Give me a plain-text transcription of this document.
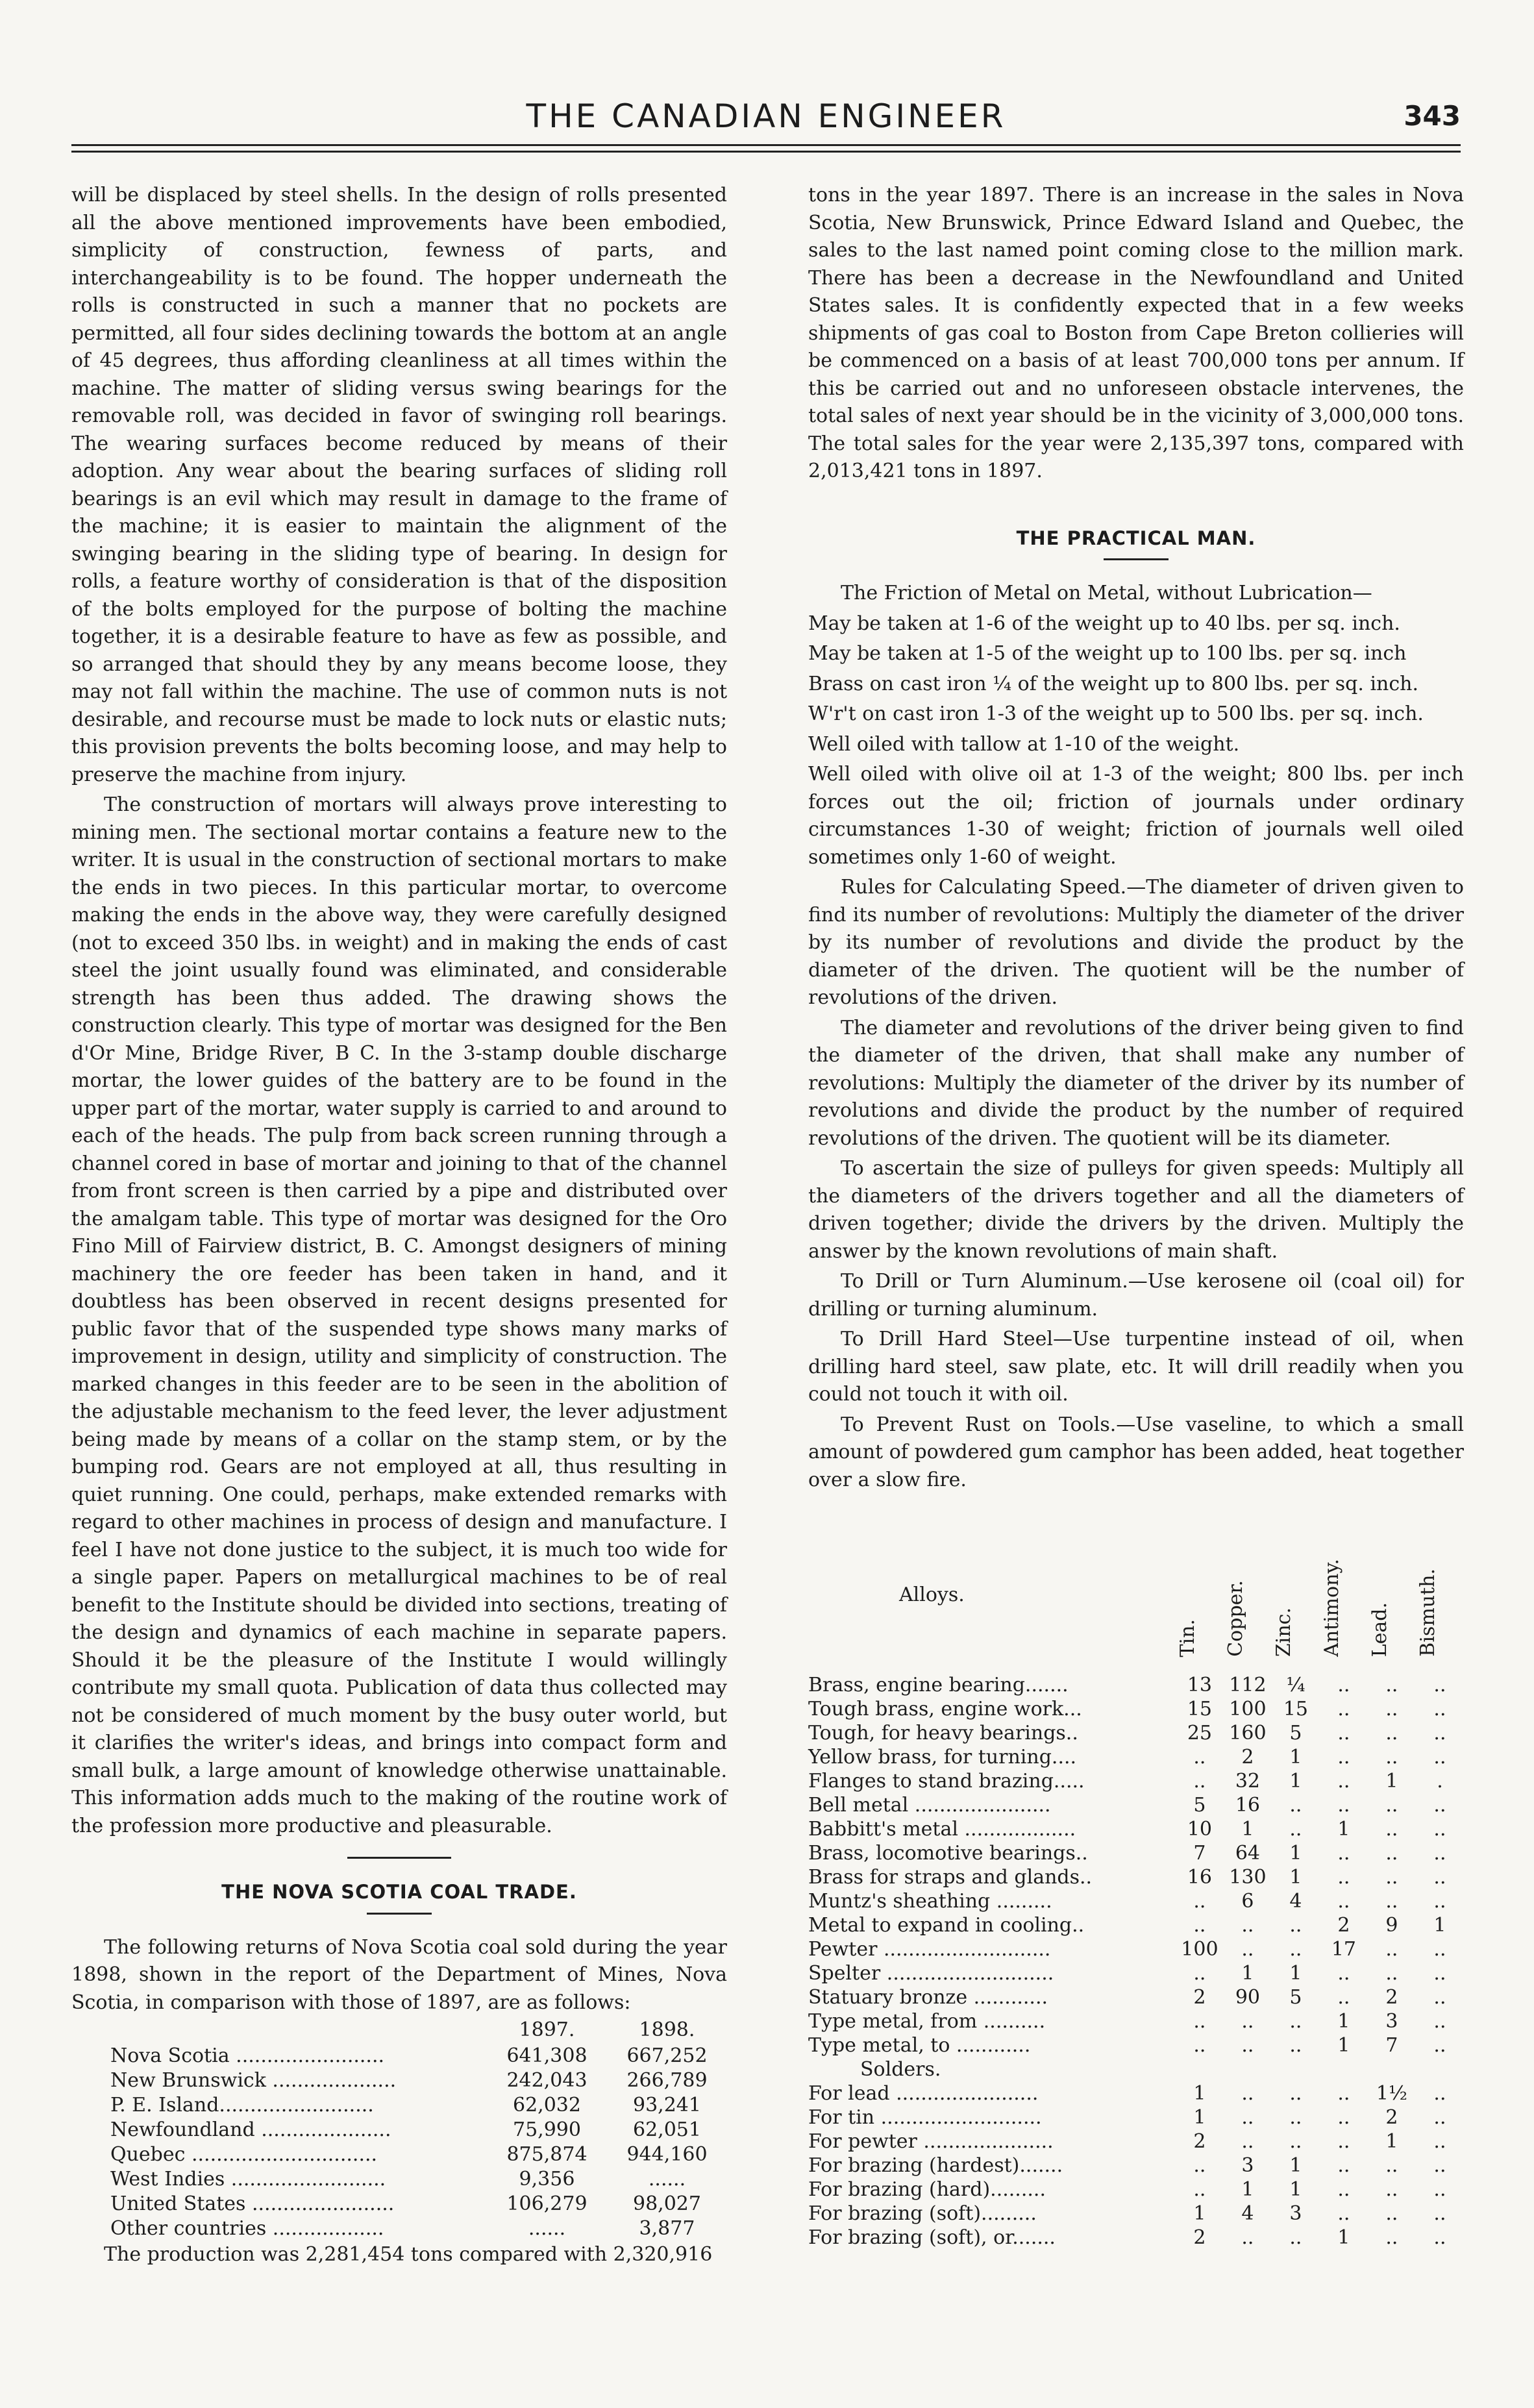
THE CANADIAN ENGINEER	343

will be displaced by steel shells. In the design of rolls presented all the above mentioned improvements have been embodied, simplicity of construction, fewness of parts, and interchangeability is to be found. The hopper underneath the rolls is constructed in such a manner that no pockets are permitted, all four sides declining towards the bottom at an angle of 45 degrees, thus affording cleanliness at all times within the machine. The matter of sliding versus swing bearings for the removable roll, was decided in favor of swinging roll bearings. The wearing surfaces become reduced by means of their adoption. Any wear about the bearing surfaces of sliding roll bearings is an evil which may result in damage to the frame of the machine; it is easier to maintain the alignment of the swinging bearing in the sliding type of bearing. In design for rolls, a feature worthy of consideration is that of the disposition of the bolts employed for the purpose of bolting the machine together, it is a desirable feature to have as few as possible, and so arranged that should they by any means become loose, they may not fall within the machine. The use of common nuts is not desirable, and recourse must be made to lock nuts or elastic nuts; this provision prevents the bolts becoming loose, and may help to preserve the machine from injury.

The construction of mortars will always prove interesting to mining men. The sectional mortar contains a feature new to the writer. It is usual in the construction of sectional mortars to make the ends in two pieces. In this particular mortar, to overcome making the ends in the above way, they were carefully designed (not to exceed 350 lbs. in weight) and in making the ends of cast steel the joint usually found was eliminated, and considerable strength has been thus added. The drawing shows the construction clearly. This type of mortar was designed for the Ben d'Or Mine, Bridge River, B C. In the 3-stamp double discharge mortar, the lower guides of the battery are to be found in the upper part of the mortar, water supply is carried to and around to each of the heads. The pulp from back screen running through a channel cored in base of mortar and joining to that of the channel from front screen is then carried by a pipe and distributed over the amalgam table. This type of mortar was designed for the Oro Fino Mill of Fairview district, B. C. Amongst designers of mining machinery the ore feeder has been taken in hand, and it doubtless has been observed in recent designs presented for public favor that of the suspended type shows many marks of improvement in design, utility and simplicity of construction. The marked changes in this feeder are to be seen in the abolition of the adjustable mechanism to the feed lever, the lever adjustment being made by means of a collar on the stamp stem, or by the bumping rod. Gears are not employed at all, thus resulting in quiet running. One could, perhaps, make extended remarks with regard to other machines in process of design and manufacture. I feel I have not done justice to the subject, it is much too wide for a single paper. Papers on metallurgical machines to be of real benefit to the Institute should be divided into sections, treating of the design and dynamics of each machine in separate papers. Should it be the pleasure of the Institute I would willingly contribute my small quota. Publication of data thus collected may not be considered of much moment by the busy outer world, but it clarifies the writer's ideas, and brings into compact form and small bulk, a large amount of knowledge otherwise unattainable. This information adds much to the making of the routine work of the profession more productive and pleasurable.

THE NOVA SCOTIA COAL TRADE.

The following returns of Nova Scotia coal sold during the year 1898, shown in the report of the Department of Mines, Nova Scotia, in comparison with those of 1897, are as follows:

	1897.	1898.
Nova Scotia ........................	641,308	667,252
New Brunswick ....................	242,043	266,789
P. E. Island.........................	62,032	93,241
Newfoundland .....................	75,990	62,051
Quebec ..............................	875,874	944,160
West Indies .........................	9,356	......
United States .......................	106,279	98,027
Other countries ..................	......	3,877

The production was 2,281,454 tons compared with 2,320,916

tons in the year 1897. There is an increase in the sales in Nova Scotia, New Brunswick, Prince Edward Island and Quebec, the sales to the last named point coming close to the million mark. There has been a decrease in the Newfoundland and United States sales. It is confidently expected that in a few weeks shipments of gas coal to Boston from Cape Breton collieries will be commenced on a basis of at least 700,000 tons per annum. If this be carried out and no unforeseen obstacle intervenes, the total sales of next year should be in the vicinity of 3,000,000 tons. The total sales for the year were 2,135,397 tons, compared with 2,013,421 tons in 1897.

THE PRACTICAL MAN.

The Friction of Metal on Metal, without Lubrication—

May be taken at 1-6 of the weight up to 40 lbs. per sq. inch.

May be taken at 1-5 of the weight up to 100 lbs. per sq. inch

Brass on cast iron ¼ of the weight up to 800 lbs. per sq. inch.

W'r't on cast iron 1-3 of the weight up to 500 lbs. per sq. inch.

Well oiled with tallow at 1-10 of the weight.

Well oiled with olive oil at 1-3 of the weight; 800 lbs. per inch forces out the oil; friction of journals under ordinary circumstances 1-30 of weight; friction of journals well oiled sometimes only 1-60 of weight.

Rules for Calculating Speed.—The diameter of driven given to find its number of revolutions: Multiply the diameter of the driver by its number of revolutions and divide the product by the diameter of the driven. The quotient will be the number of revolutions of the driven.

The diameter and revolutions of the driver being given to find the diameter of the driven, that shall make any number of revolutions: Multiply the diameter of the driver by its number of revolutions and divide the product by the number of required revolutions of the driven. The quotient will be its diameter.

To ascertain the size of pulleys for given speeds: Multiply all the diameters of the drivers together and all the diameters of driven together; divide the drivers by the driven. Multiply the answer by the known revolutions of main shaft.

To Drill or Turn Aluminum.—Use kerosene oil (coal oil) for drilling or turning aluminum.

To Drill Hard Steel—Use turpentine instead of oil, when drilling hard steel, saw plate, etc. It will drill readily when you could not touch it with oil.

To Prevent Rust on Tools.—Use vaseline, to which a small amount of powdered gum camphor has been added, heat together over a slow fire.

Alloys.	Tin.	Copper.	Zinc.	Antimony.	Lead.	Bismuth.
Brass, engine bearing.......	13	112	¼	..	..	..
Tough brass, engine work...	15	100	15	..	..	..
Tough, for heavy bearings..	25	160	5	..	..	..
Yellow brass, for turning....	..	2	1	..	..	..
Flanges to stand brazing.....	..	32	1	..	1	.
Bell metal ......................	5	16	..	..	..	..
Babbitt's metal ..................	10	1	..	1	..	..
Brass, locomotive bearings..	7	64	1	..	..	..
Brass for straps and glands..	16	130	1	..	..	..
Muntz's sheathing .........	..	6	4	..	..	..
Metal to expand in cooling..	..	..	..	2	9	1
Pewter ...........................	100	..	..	17	..	..
Spelter ...........................	..	1	1	..	..	..
Statuary bronze ............	2	90	5	..	2	..
Type metal, from ..........	..	..	..	1	3	..
Type metal, to ............	..	..	..	1	7	..
Solders.						
For lead .......................	1	..	..	..	1½	..
For tin ..........................	1	..	..	..	2	..
For pewter .....................	2	..	..	..	1	..
For brazing (hardest).......	..	3	1	..	..	..
For brazing (hard).........	..	1	1	..	..	..
For brazing (soft).........	1	4	3	..	..	..
For brazing (soft), or.......	2	..	..	1	..	..
